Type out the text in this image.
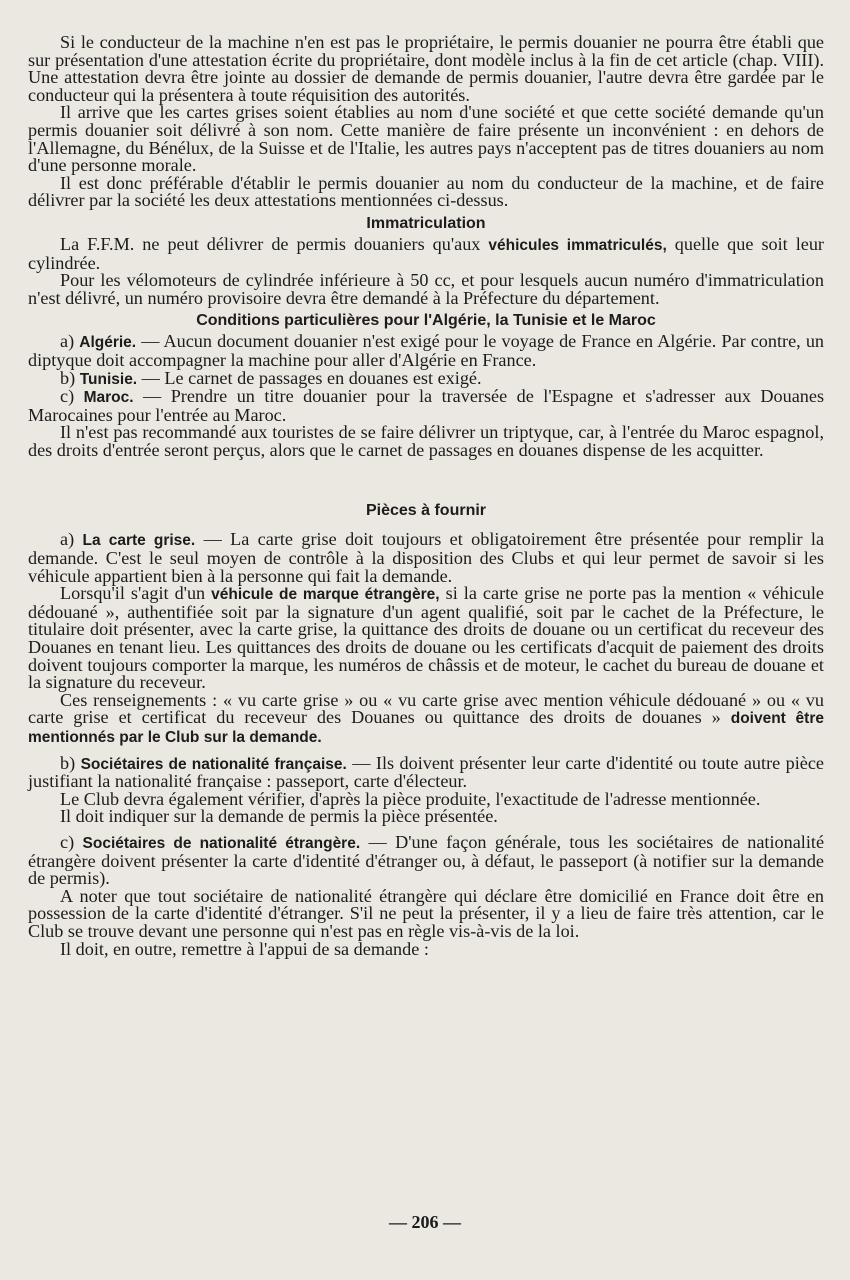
Si le conducteur de la machine n'en est pas le propriétaire, le permis douanier ne pourra être établi que sur présentation d'une attestation écrite du propriétaire, dont modèle inclus à la fin de cet article (chap. VIII). Une attestation devra être jointe au dossier de demande de permis douanier, l'autre devra être gardée par le conducteur qui la présentera à toute réquisition des autorités.

Il arrive que les cartes grises soient établies au nom d'une société et que cette société demande qu'un permis douanier soit délivré à son nom. Cette manière de faire présente un inconvénient : en dehors de l'Allemagne, du Bénélux, de la Suisse et de l'Italie, les autres pays n'acceptent pas de titres douaniers au nom d'une personne morale.

Il est donc préférable d'établir le permis douanier au nom du conducteur de la machine, et de faire délivrer par la société les deux attestations mentionnées ci-dessus.

Immatriculation

La F.F.M. ne peut délivrer de permis douaniers qu'aux véhicules immatriculés, quelle que soit leur cylindrée.

Pour les vélomoteurs de cylindrée inférieure à 50 cc, et pour lesquels aucun numéro d'immatriculation n'est délivré, un numéro provisoire devra être demandé à la Préfecture du département.

Conditions particulières pour l'Algérie, la Tunisie et le Maroc

a) Algérie. — Aucun document douanier n'est exigé pour le voyage de France en Algérie. Par contre, un diptyque doit accompagner la machine pour aller d'Algérie en France.

b) Tunisie. — Le carnet de passages en douanes est exigé.

c) Maroc. — Prendre un titre douanier pour la traversée de l'Espagne et s'adresser aux Douanes Marocaines pour l'entrée au Maroc.

Il n'est pas recommandé aux touristes de se faire délivrer un triptyque, car, à l'entrée du Maroc espagnol, des droits d'entrée seront perçus, alors que le carnet de passages en douanes dispense de les acquitter.

Pièces à fournir

a) La carte grise. — La carte grise doit toujours et obligatoirement être présentée pour remplir la demande. C'est le seul moyen de contrôle à la disposition des Clubs et qui leur permet de savoir si les véhicule appartient bien à la personne qui fait la demande.

Lorsqu'il s'agit d'un véhicule de marque étrangère, si la carte grise ne porte pas la mention « véhicule dédouané », authentifiée soit par la signature d'un agent qualifié, soit par le cachet de la Préfecture, le titulaire doit présenter, avec la carte grise, la quittance des droits de douane ou un certificat du receveur des Douanes en tenant lieu. Les quittances des droits de douane ou les certificats d'acquit de paiement des droits doivent toujours comporter la marque, les numéros de châssis et de moteur, le cachet du bureau de douane et la signature du receveur.

Ces renseignements : « vu carte grise » ou « vu carte grise avec mention véhicule dédouané » ou « vu carte grise et certificat du receveur des Douanes ou quittance des droits de douanes » doivent être mentionnés par le Club sur la demande.

b) Sociétaires de nationalité française. — Ils doivent présenter leur carte d'identité ou toute autre pièce justifiant la nationalité française : passeport, carte d'électeur.

Le Club devra également vérifier, d'après la pièce produite, l'exactitude de l'adresse mentionnée.

Il doit indiquer sur la demande de permis la pièce présentée.

c) Sociétaires de nationalité étrangère. — D'une façon générale, tous les sociétaires de nationalité étrangère doivent présenter la carte d'identité d'étranger ou, à défaut, le passeport (à notifier sur la demande de permis).

A noter que tout sociétaire de nationalité étrangère qui déclare être domicilié en France doit être en possession de la carte d'identité d'étranger. S'il ne peut la présenter, il y a lieu de faire très attention, car le Club se trouve devant une personne qui n'est pas en règle vis-à-vis de la loi.

Il doit, en outre, remettre à l'appui de sa demande :

— 206 —
